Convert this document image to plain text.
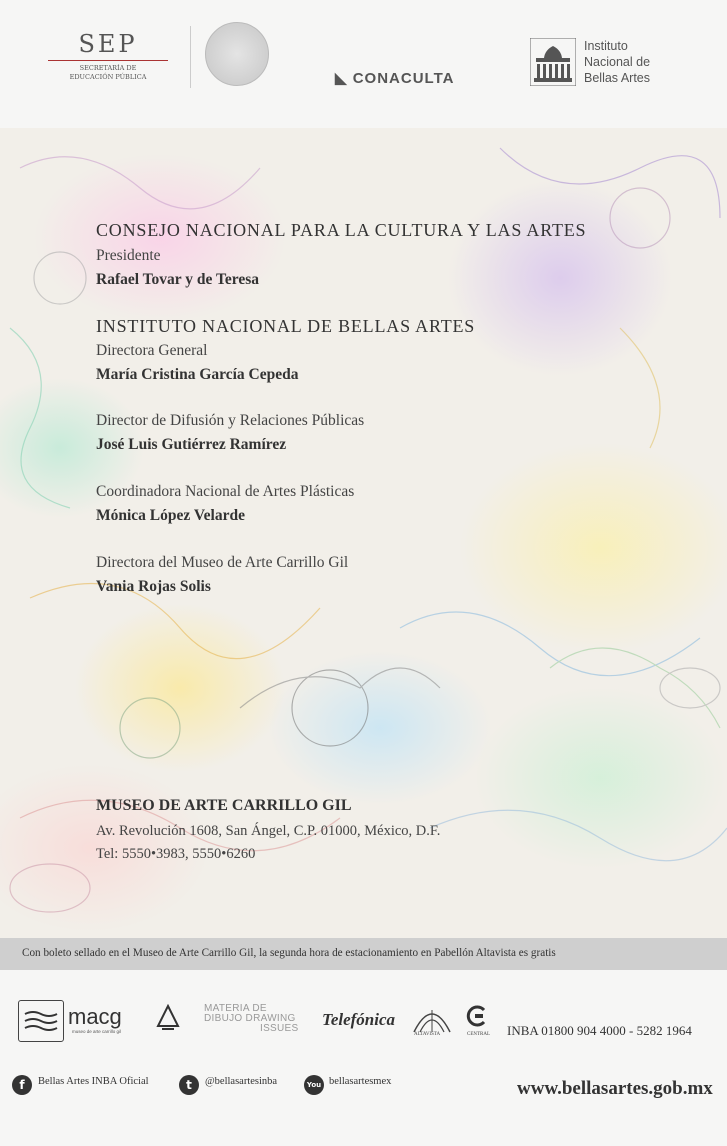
SEP
SECRETARÍA DE
EDUCACIÓN PÚBLICA	◣ CONACULTA
Instituto
Nacional de
Bellas Artes
CONSEJO NACIONAL PARA LA CULTURA Y LAS ARTES
Presidente
Rafael Tovar y de Teresa
INSTITUTO NACIONAL DE BELLAS ARTES
Directora General
María Cristina García Cepeda
Director de Difusión y Relaciones Públicas
José Luis Gutiérrez Ramírez
Coordinadora Nacional de Artes Plásticas
Mónica López Velarde
Directora del Museo de Arte Carrillo Gil
Vania Rojas Solis
MUSEO DE ARTE CARRILLO GIL
Av. Revolución 1608, San Ángel, C.P. 01000, México, D.F.
Tel: 5550•3983, 5550•6260
Con boleto sellado en el Museo de Arte Carrillo Gil, la segunda hora de estacionamiento en Pabellón Altavista es gratis
macg
museo de arte carrillo gil
MATERIA DE
DIBUJO DRAWING
ISSUES Telefónica
ALTAVISTA	CENTRAL INBA 01800 904 4000 - 5282 1964
f	Bellas Artes INBA Oficial	t	@bellasartesinba	You bellasartesmex	www.bellasartes.gob.mx
